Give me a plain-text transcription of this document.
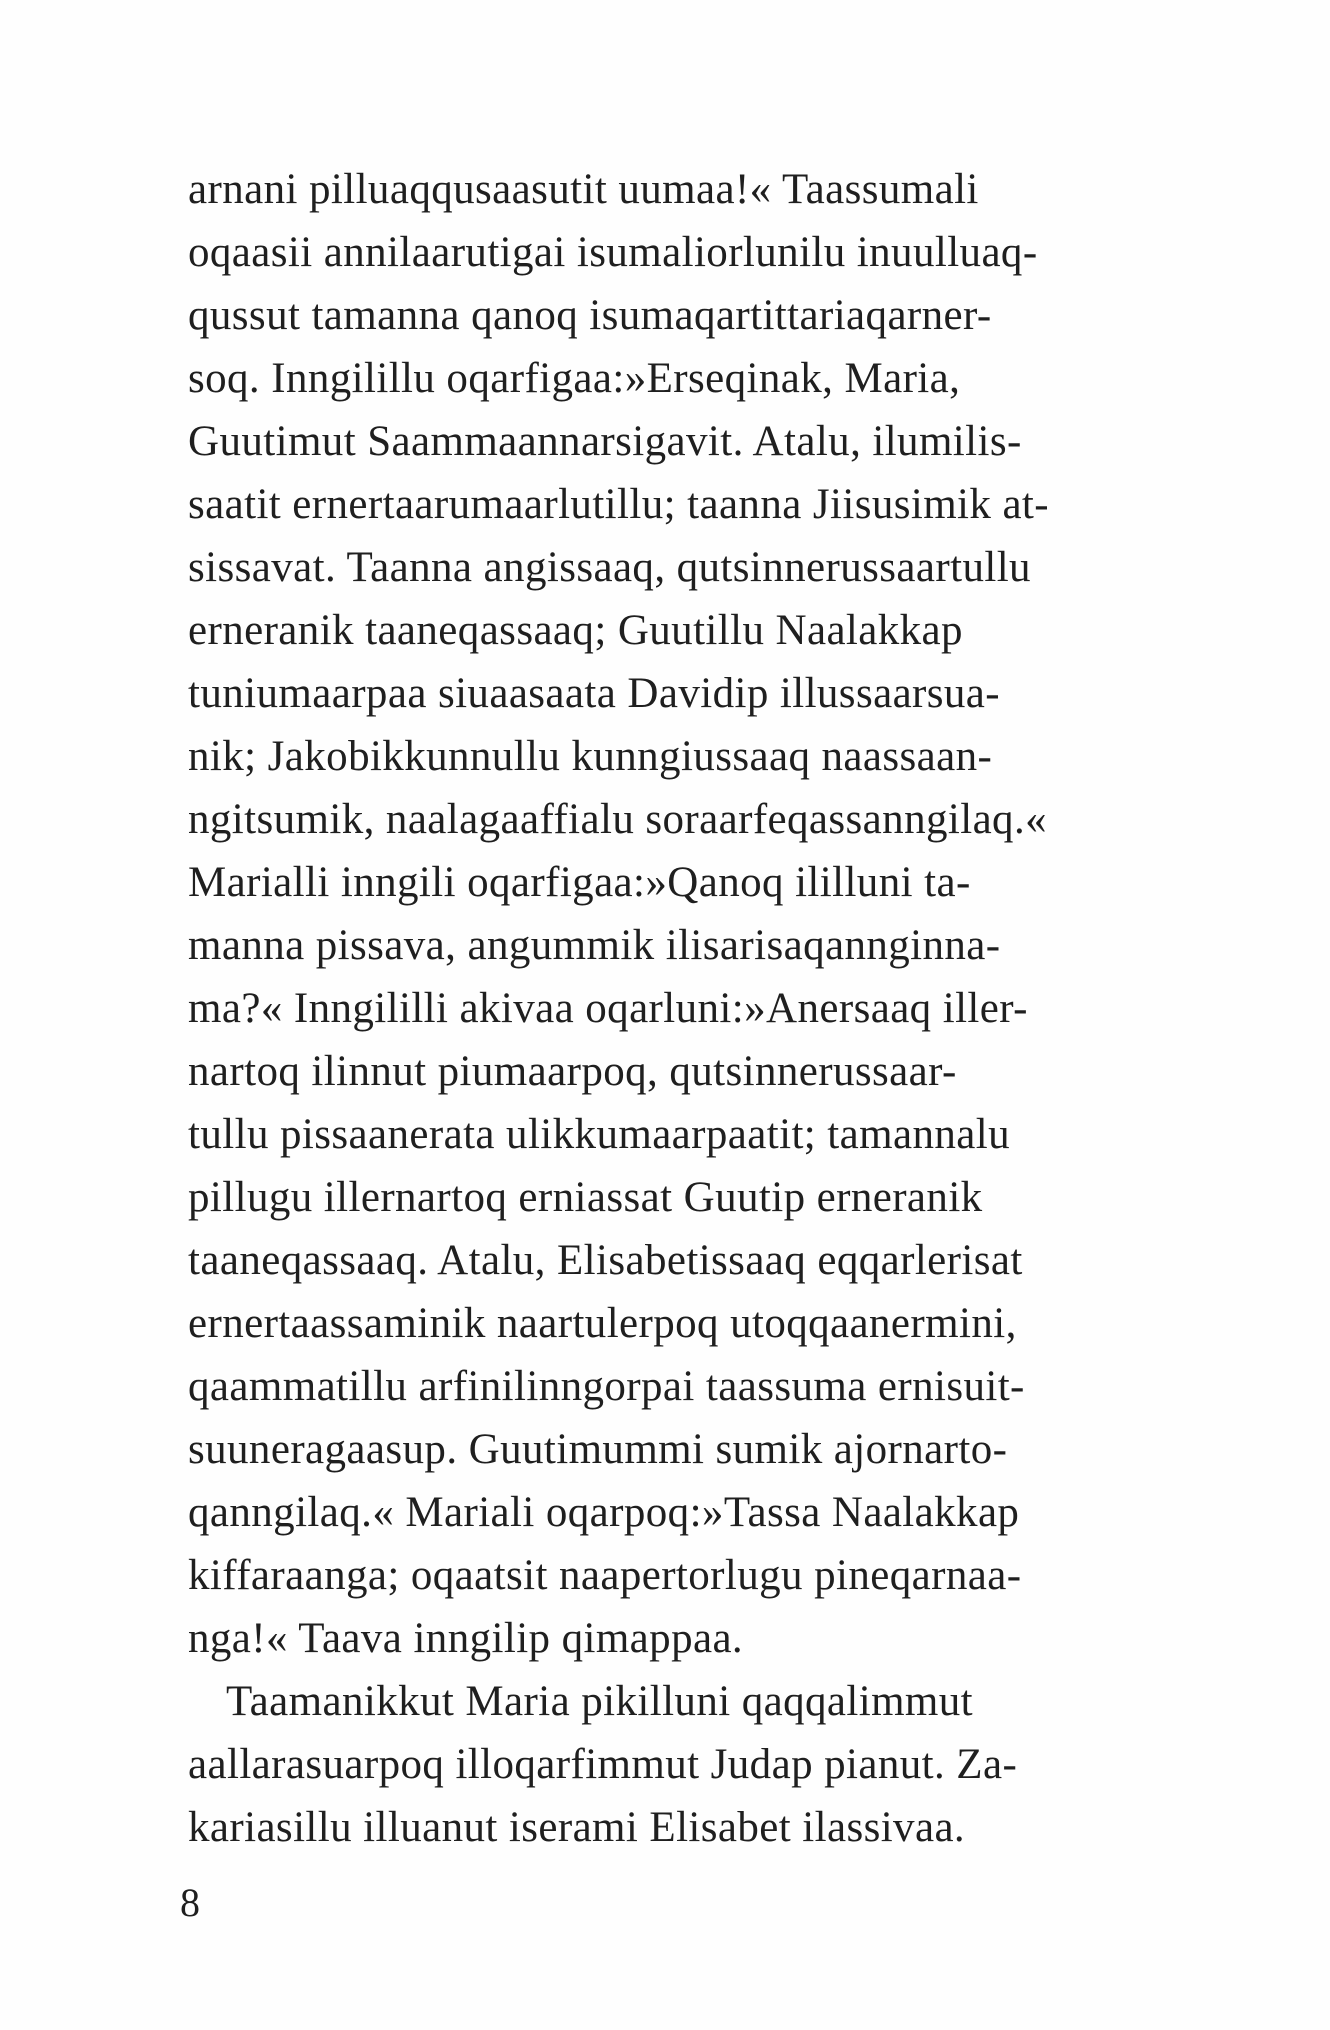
arnani pilluaqqusaasutit uumaa!« Taassumali
oqaasii annilaarutigai isumaliorlunilu inuulluaq-
qussut tamanna qanoq isumaqartittariaqarner-
soq. Inngilillu oqarfigaa:»Erseqinak, Maria,
Guutimut Saammaannarsigavit. Atalu, ilumilis-
saatit ernertaarumaarlutillu; taanna Jiisusimik at-
sissavat. Taanna angissaaq, qutsinnerussaartullu
erneranik taaneqassaaq; Guutillu Naalakkap
tuniumaarpaa siuaasaata Davidip illussaarsua-
nik; Jakobikkunnullu kunngiussaaq naassaan-
ngitsumik, naalagaaffialu soraarfeqassanngilaq.«
Marialli inngili oqarfigaa:»Qanoq ililluni ta-
manna pissava, angummik ilisarisaqannginna-
ma?« Inngililli akivaa oqarluni:»Anersaaq iller-
nartoq ilinnut piumaarpoq, qutsinnerussaar-
tullu pissaanerata ulikkumaarpaatit; tamannalu
pillugu illernartoq erniassat Guutip erneranik
taaneqassaaq. Atalu, Elisabetissaaq eqqarlerisat
ernertaassaminik naartulerpoq utoqqaanermini,
qaammatillu arfinilinngorpai taassuma ernisuit-
suuneragaasup. Guutimummi sumik ajornarto-
qanngilaq.« Mariali oqarpoq:»Tassa Naalakkap
kiffaraanga; oqaatsit naapertorlugu pineqarnaa-
nga!« Taava inngilip qimappaa.
Taamanikkut Maria pikilluni qaqqalimmut
aallarasuarpoq illoqarfimmut Judap pianut. Za-
kariasillu illuanut iserami Elisabet ilassivaa.
8
